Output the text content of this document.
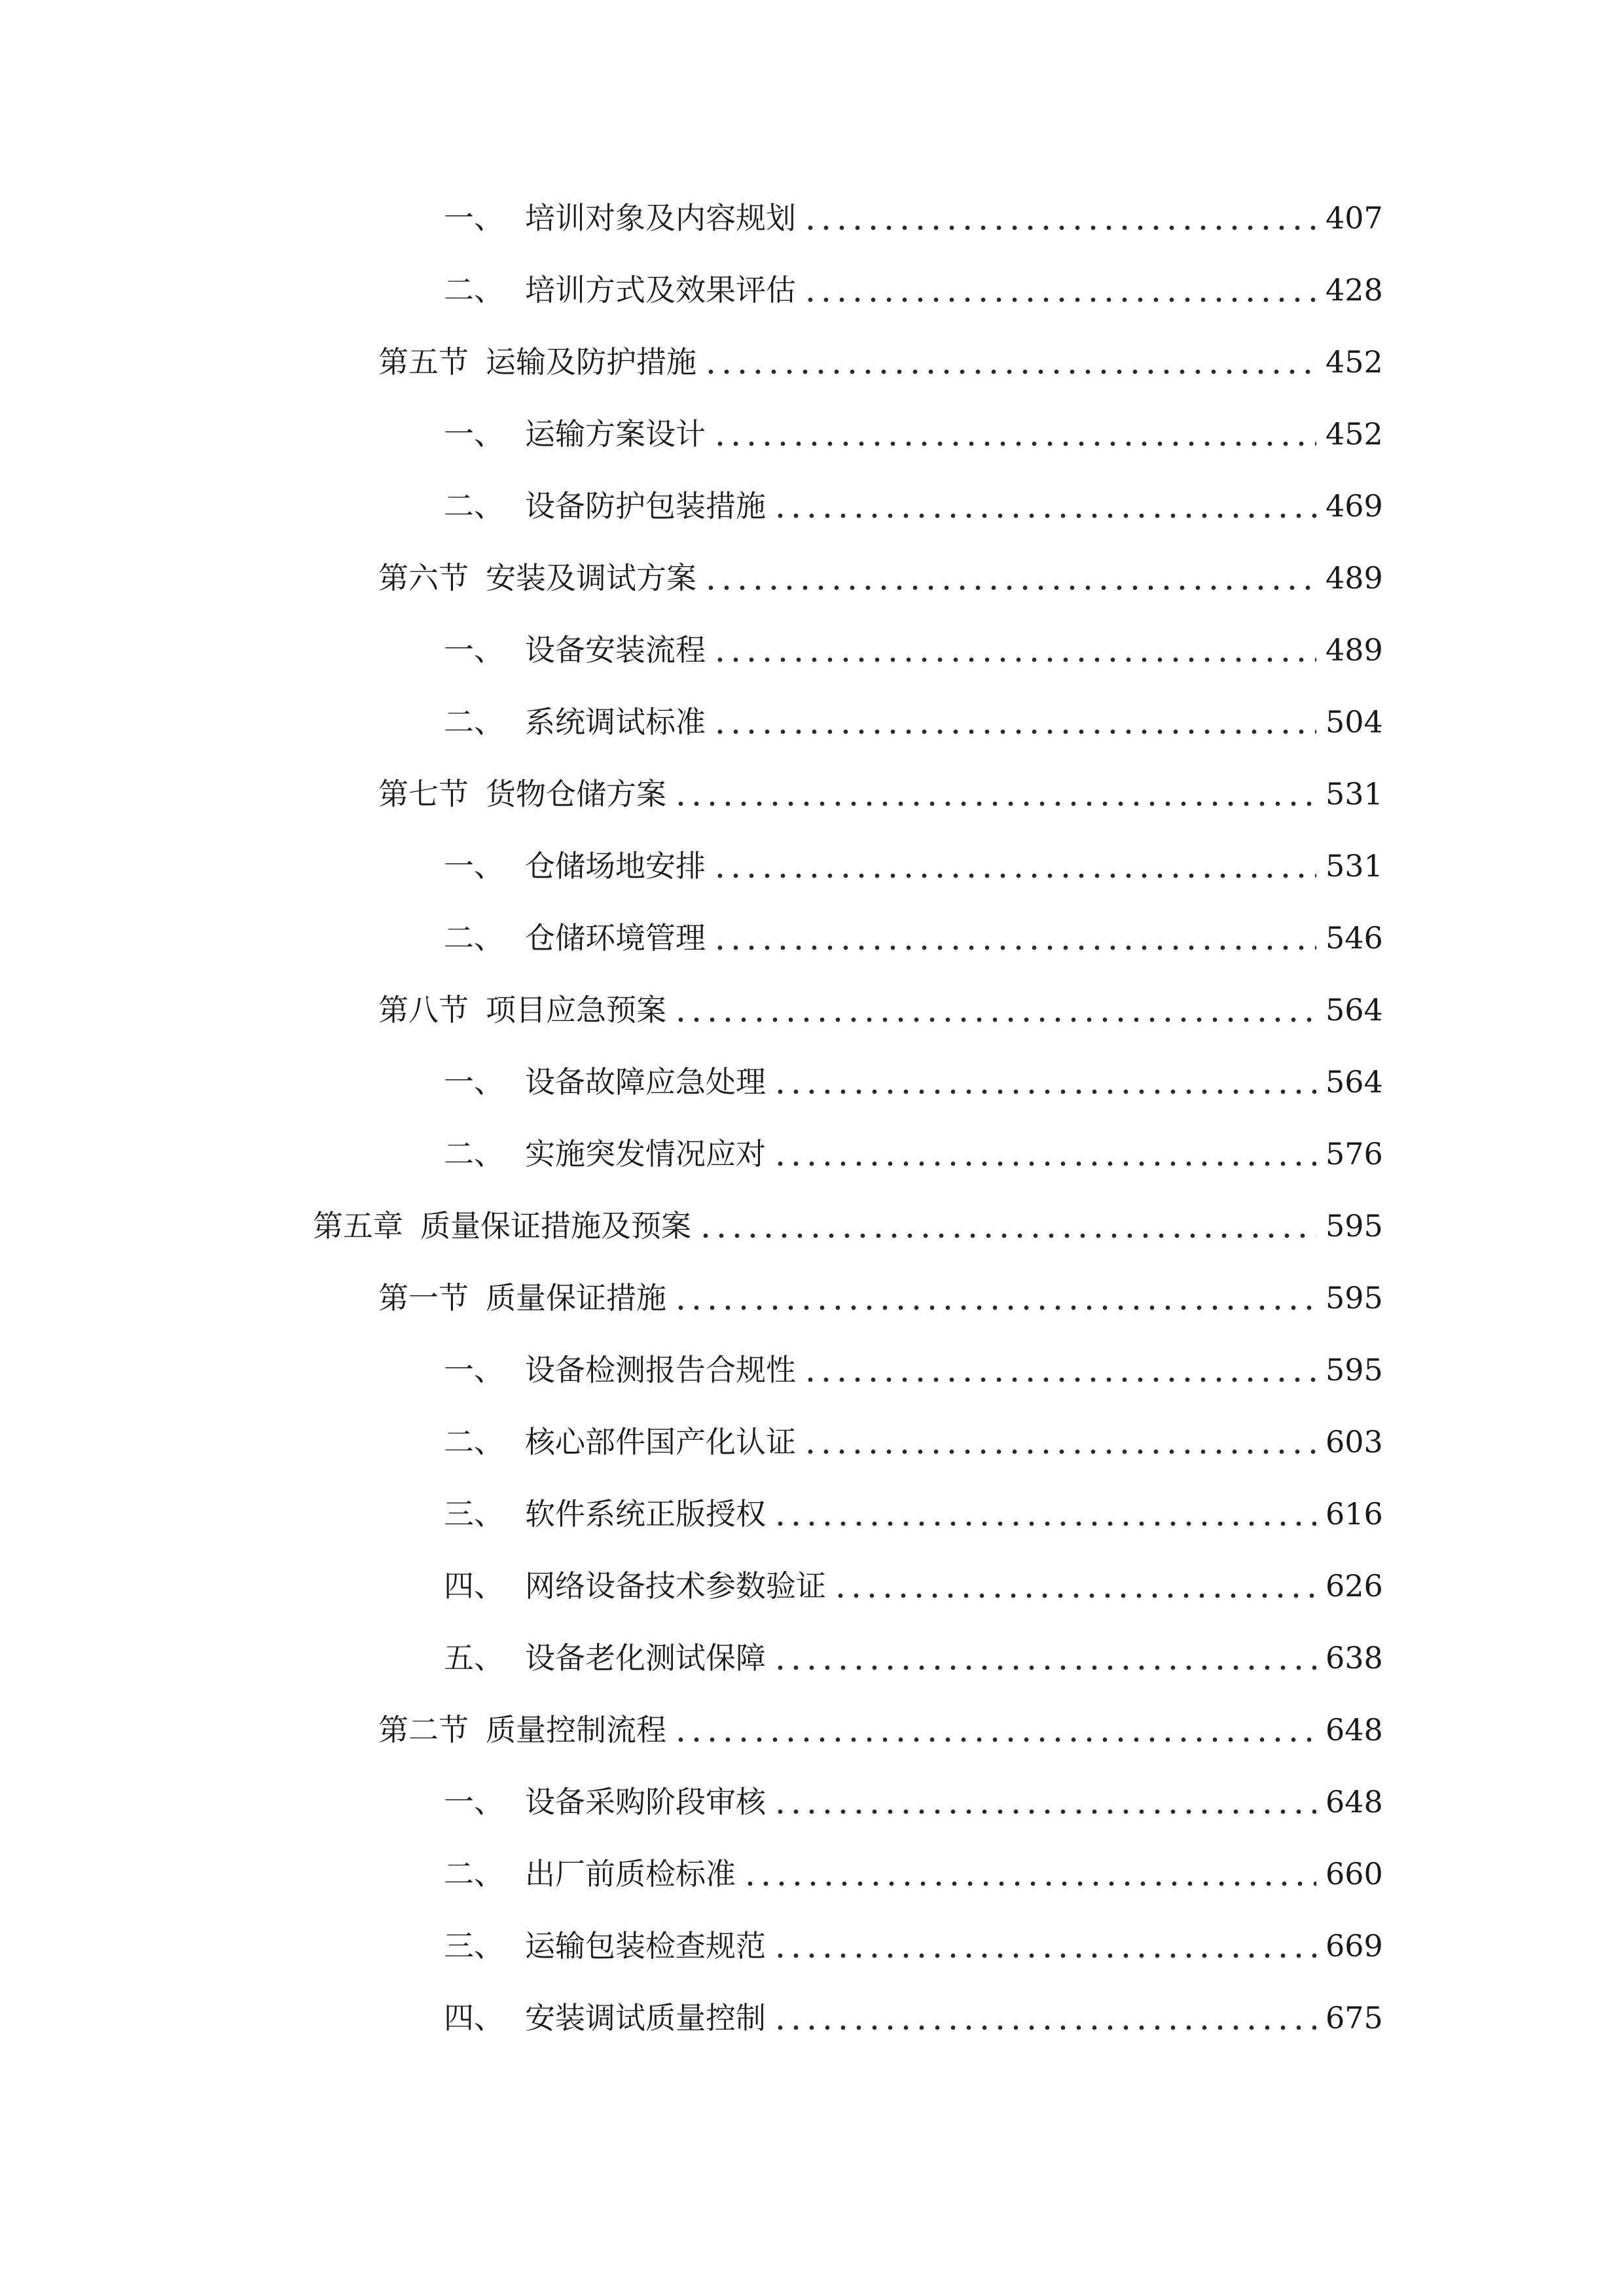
一、 培训对象及内容规划	407
二、 培训方式及效果评估	428
第五节 运输及防护措施	452
一、 运输方案设计	452
二、 设备防护包装措施	469
第六节 安装及调试方案	489
一、 设备安装流程	489
二、 系统调试标准	504
第七节 货物仓储方案	531
一、 仓储场地安排	531
二、 仓储环境管理	546
第八节 项目应急预案	564
一、 设备故障应急处理	564
二、 实施突发情况应对	576
第五章 质量保证措施及预案	595
第一节 质量保证措施	595
一、 设备检测报告合规性	595
二、 核心部件国产化认证	603
三、 软件系统正版授权	616
四、 网络设备技术参数验证	626
五、 设备老化测试保障	638
第二节 质量控制流程	648
一、 设备采购阶段审核	648
二、 出厂前质检标准	660
三、 运输包装检查规范	669
四、 安装调试质量控制	675
